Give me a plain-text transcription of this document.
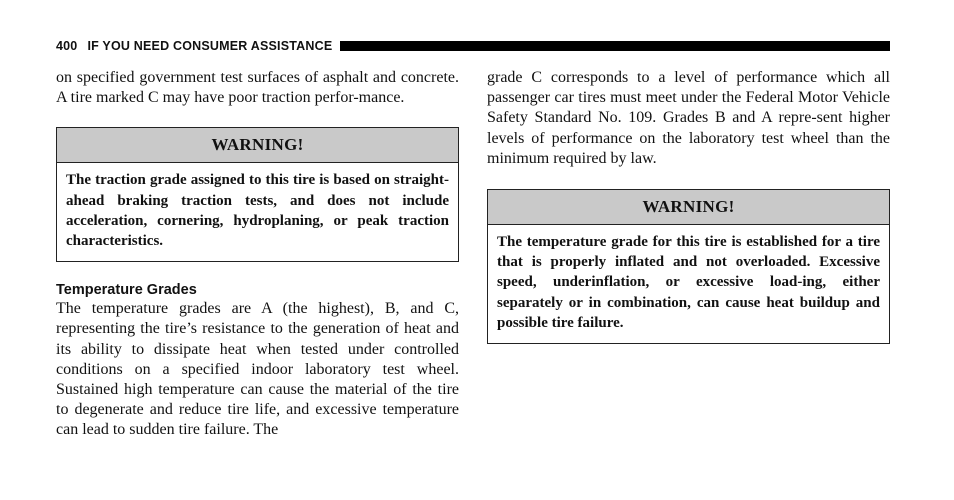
400 IF YOU NEED CONSUMER ASSISTANCE

on specified government test surfaces of asphalt and concrete. A tire marked C may have poor traction perfor-mance.

WARNING!

The traction grade assigned to this tire is based on straight-ahead braking traction tests, and does not include acceleration, cornering, hydroplaning, or peak traction characteristics.

Temperature Grades

The temperature grades are A (the highest), B, and C, representing the tire’s resistance to the generation of heat and its ability to dissipate heat when tested under controlled conditions on a specified indoor laboratory test wheel. Sustained high temperature can cause the material of the tire to degenerate and reduce tire life, and excessive temperature can lead to sudden tire failure. The

grade C corresponds to a level of performance which all passenger car tires must meet under the Federal Motor Vehicle Safety Standard No. 109. Grades B and A repre-sent higher levels of performance on the laboratory test wheel than the minimum required by law.

WARNING!

The temperature grade for this tire is established for a tire that is properly inflated and not overloaded. Excessive speed, underinflation, or excessive load-ing, either separately or in combination, can cause heat buildup and possible tire failure.
